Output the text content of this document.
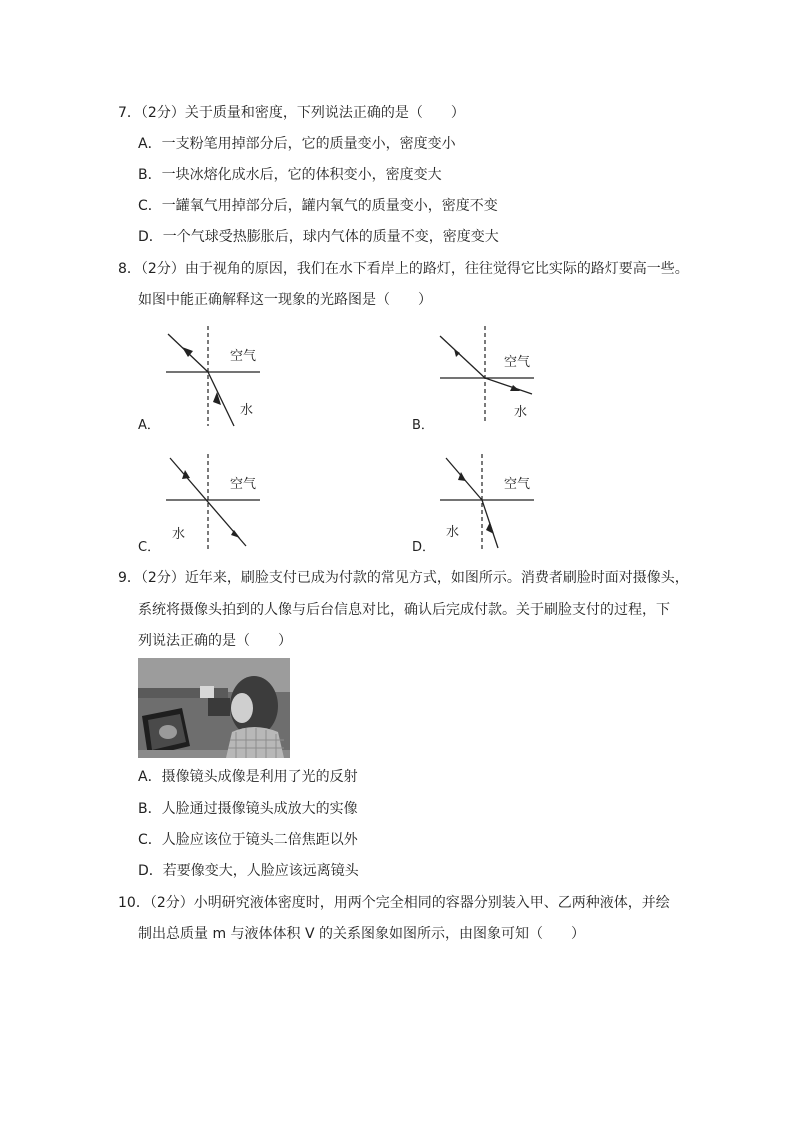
7．（2分）关于质量和密度，下列说法正确的是（　　）
A．一支粉笔用掉部分后，它的质量变小，密度变小
B．一块冰熔化成水后，它的体积变小，密度变大
C．一罐氧气用掉部分后，罐内氧气的质量变小，密度不变
D．一个气球受热膨胀后，球内气体的质量不变，密度变大
8．（2分）由于视角的原因，我们在水下看岸上的路灯，往往觉得它比实际的路灯要高一些。
如图中能正确解释这一现象的光路图是（　　）
空气
水
A．
空气
水
B．
空气
水
C．
空气
水
D．
9．（2分）近年来，刷脸支付已成为付款的常见方式，如图所示。消费者刷脸时面对摄像头，
系统将摄像头拍到的人像与后台信息对比，确认后完成付款。关于刷脸支付的过程，下
列说法正确的是（　　）
A．摄像镜头成像是利用了光的反射
B．人脸通过摄像镜头成放大的实像
C．人脸应该位于镜头二倍焦距以外
D．若要像变大，人脸应该远离镜头
10．（2分）小明研究液体密度时，用两个完全相同的容器分别装入甲、乙两种液体，并绘
制出总质量 m 与液体体积 V 的关系图象如图所示，由图象可知（　　）
